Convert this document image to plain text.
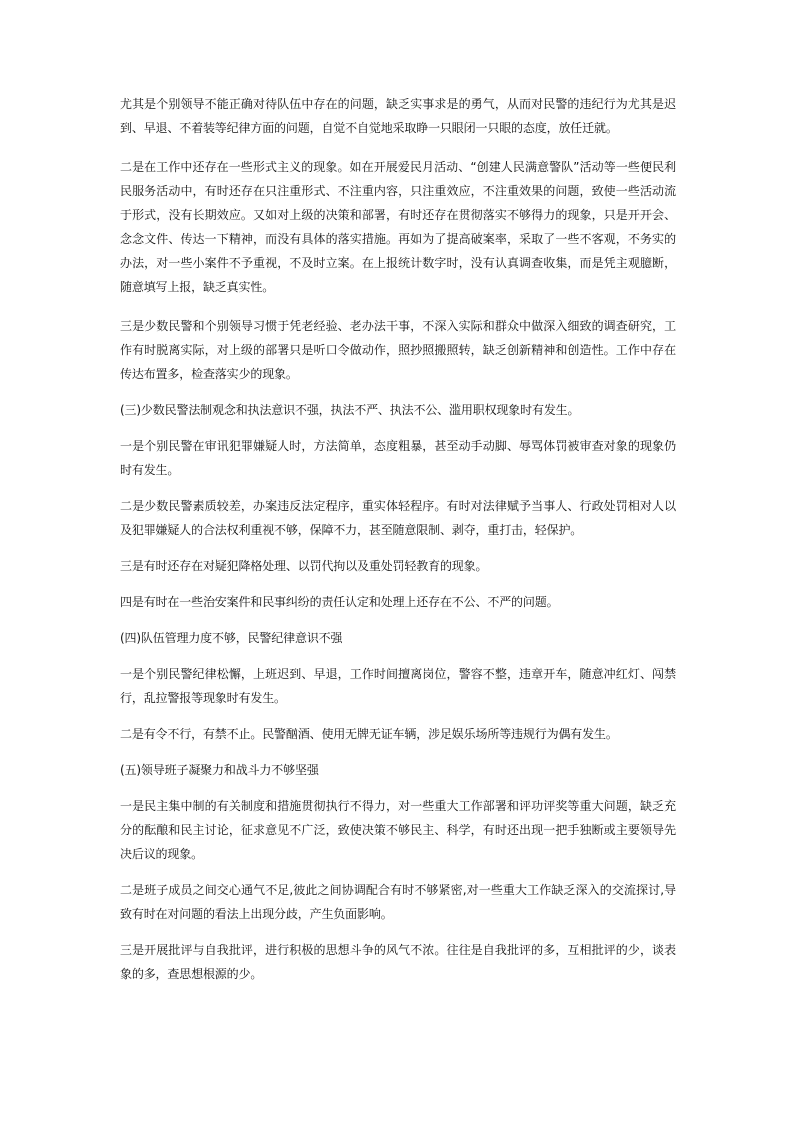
尤其是个别领导不能正确对待队伍中存在的问题，缺乏实事求是的勇气，从而对民警的违纪行为尤其是迟到、早退、不着装等纪律方面的问题，自觉不自觉地采取睁一只眼闭一只眼的态度，放任迁就。

二是在工作中还存在一些形式主义的现象。如在开展爱民月活动、“创建人民满意警队”活动等一些便民利民服务活动中，有时还存在只注重形式、不注重内容，只注重效应，不注重效果的问题，致使一些活动流于形式，没有长期效应。又如对上级的决策和部署，有时还存在贯彻落实不够得力的现象，只是开开会、念念文件、传达一下精神，而没有具体的落实措施。再如为了提高破案率，采取了一些不客观，不务实的办法，对一些小案件不予重视，不及时立案。在上报统计数字时，没有认真调查收集，而是凭主观臆断，随意填写上报，缺乏真实性。

三是少数民警和个别领导习惯于凭老经验、老办法干事，不深入实际和群众中做深入细致的调查研究，工作有时脱离实际，对上级的部署只是听口令做动作，照抄照搬照转，缺乏创新精神和创造性。工作中存在传达布置多，检查落实少的现象。

(三)少数民警法制观念和执法意识不强，执法不严、执法不公、滥用职权现象时有发生。

一是个别民警在审讯犯罪嫌疑人时，方法简单，态度粗暴，甚至动手动脚、辱骂体罚被审查对象的现象仍时有发生。

二是少数民警素质较差，办案违反法定程序，重实体轻程序。有时对法律赋予当事人、行政处罚相对人以及犯罪嫌疑人的合法权利重视不够，保障不力，甚至随意限制、剥夺，重打击，轻保护。

三是有时还存在对疑犯降格处理、以罚代拘以及重处罚轻教育的现象。

四是有时在一些治安案件和民事纠纷的责任认定和处理上还存在不公、不严的问题。

(四)队伍管理力度不够，民警纪律意识不强

一是个别民警纪律松懈，上班迟到、早退，工作时间擅离岗位，警容不整，违章开车，随意冲红灯、闯禁行，乱拉警报等现象时有发生。

二是有令不行，有禁不止。民警酗酒、使用无牌无证车辆，涉足娱乐场所等违规行为偶有发生。

(五)领导班子凝聚力和战斗力不够坚强

一是民主集中制的有关制度和措施贯彻执行不得力，对一些重大工作部署和评功评奖等重大问题，缺乏充分的酝酿和民主讨论，征求意见不广泛，致使决策不够民主、科学，有时还出现一把手独断或主要领导先决后议的现象。

二是班子成员之间交心通气不足,彼此之间协调配合有时不够紧密,对一些重大工作缺乏深入的交流探讨,导致有时在对问题的看法上出现分歧，产生负面影响。

三是开展批评与自我批评，进行积极的思想斗争的风气不浓。往往是自我批评的多，互相批评的少，谈表象的多，查思想根源的少。
